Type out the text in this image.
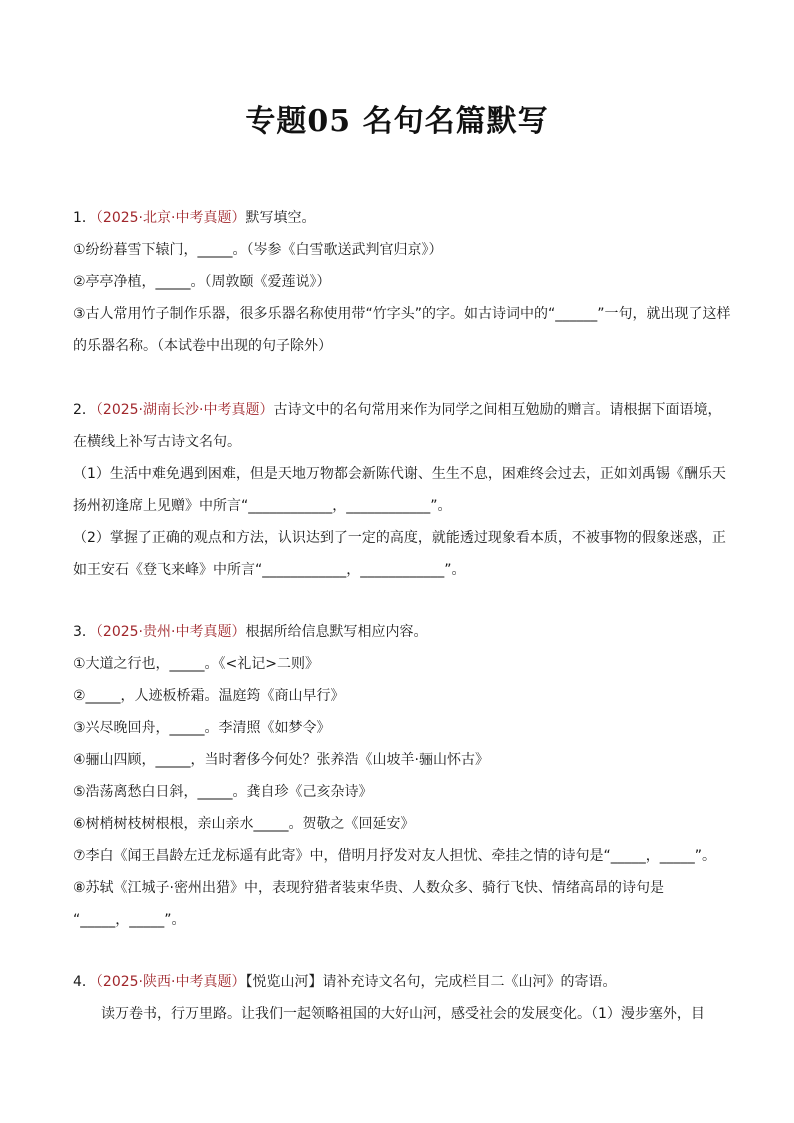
专题05 名句名篇默写
1．（2025·北京·中考真题）默写填空。
①纷纷暮雪下辕门，_____。（岑参《白雪歌送武判官归京》）
②亭亭净植，_____。（周敦颐《爱莲说》）
③古人常用竹子制作乐器，很多乐器名称使用带“竹字头”的字。如古诗词中的“______”一句，就出现了这样
的乐器名称。（本试卷中出现的句子除外）
2．（2025·湖南长沙·中考真题）古诗文中的名句常用来作为同学之间相互勉励的赠言。请根据下面语境，
在横线上补写古诗文名句。
（1）生活中难免遇到困难，但是天地万物都会新陈代谢、生生不息，困难终会过去，正如刘禹锡《酬乐天
扬州初逢席上见赠》中所言“____________，____________”。
（2）掌握了正确的观点和方法，认识达到了一定的高度，就能透过现象看本质，不被事物的假象迷惑，正
如王安石《登飞来峰》中所言“____________，____________”。
3．（2025·贵州·中考真题）根据所给信息默写相应内容。
①大道之行也，_____。《<礼记>二则》
②_____，人迹板桥霜。温庭筠《商山早行》
③兴尽晚回舟，_____。李清照《如梦令》
④骊山四顾，_____，当时奢侈今何处？张养浩《山坡羊·骊山怀古》
⑤浩荡离愁白日斜，_____。龚自珍《己亥杂诗》
⑥树梢树枝树根根，亲山亲水_____。贺敬之《回延安》
⑦李白《闻王昌龄左迁龙标遥有此寄》中，借明月抒发对友人担忧、牵挂之情的诗句是“_____，_____”。
⑧苏轼《江城子·密州出猎》中，表现狩猎者装束华贵、人数众多、骑行飞快、情绪高昂的诗句是
“_____，_____”。
4．（2025·陕西·中考真题）【悦览山河】请补充诗文名句，完成栏目二《山河》的寄语。
读万卷书，行万里路。让我们一起领略祖国的大好山河，感受社会的发展变化。（1）漫步塞外，目
